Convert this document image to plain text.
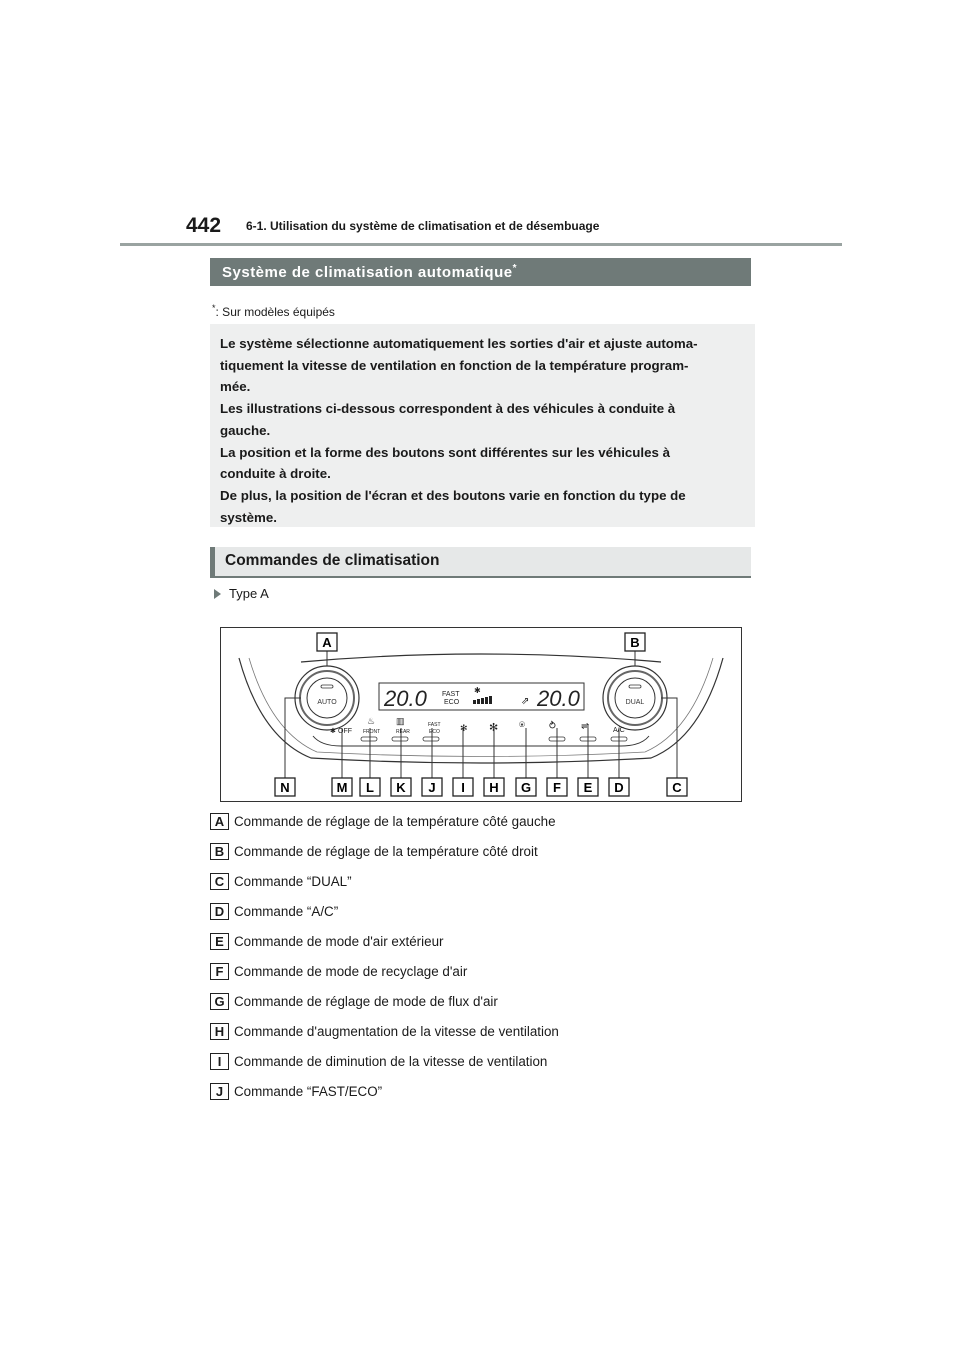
442 6-1. Utilisation du système de climatisation et de désembuage
Système de climatisation automatique*
*: Sur modèles équipés
Le système sélectionne automatiquement les sorties d'air et ajuste automa-
tiquement la vitesse de ventilation en fonction de la température program-
mée.
Les illustrations ci-dessous correspondent à des véhicules à conduite à
gauche.
La position et la forme des boutons sont différentes sur les véhicules à
conduite à droite.
De plus, la position de l'écran et des boutons varie en fonction du type de
système.
Commandes de climatisation
Type A
AUTO	DUAL
20.0 FAST
ECO
✱
⇗ 20.0
✱ OFF
♨
FRONT
▥
REAR
FAST
ECO ✻ ✻ ⍟ ⥁	⇌	A/C
A	B
N	M L K J I H G F E D	C
A Commande de réglage de la température côté gauche
B Commande de réglage de la température côté droit
C Commande “DUAL”
D Commande “A/C”
E Commande de mode d'air extérieur
F Commande de mode de recyclage d'air
G Commande de réglage de mode de flux d'air
H Commande d'augmentation de la vitesse de ventilation
I Commande de diminution de la vitesse de ventilation
J Commande “FAST/ECO”
